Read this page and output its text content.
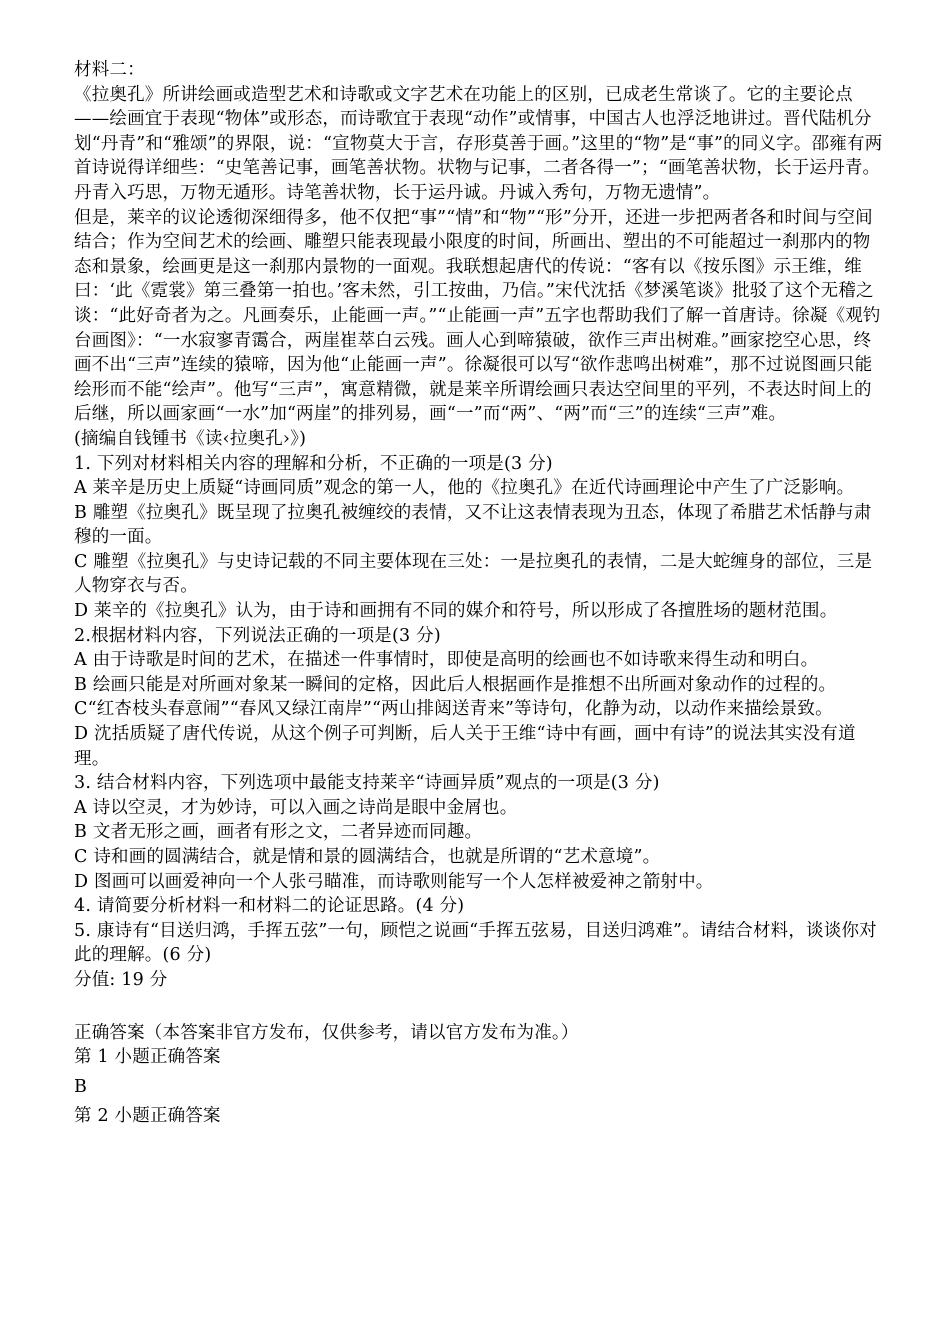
材料二：
《拉奥孔》所讲绘画或造型艺术和诗歌或文字艺术在功能上的区别，已成老生常谈了。它的主要论点——绘画宜于表现“物体”或形态，而诗歌宜于表现“动作”或情事，中国古人也浮泛地讲过。晋代陆机分划“丹青”和“雅颂”的界限，说：“宣物莫大于言，存形莫善于画。”这里的“物”是“事”的同义字。邵雍有两首诗说得详细些：“史笔善记事，画笔善状物。状物与记事，二者各得一”；“画笔善状物，长于运丹青。丹青入巧思，万物无遁形。诗笔善状物，长于运丹诚。丹诚入秀句，万物无遗情”。
但是，莱辛的议论透彻深细得多，他不仅把“事”“情”和“物”“形”分开，还进一步把两者各和时间与空间结合；作为空间艺术的绘画、雕塑只能表现最小限度的时间，所画出、塑出的不可能超过一刹那内的物态和景象，绘画更是这一刹那内景物的一面观。我联想起唐代的传说：“客有以《按乐图》示王维，维曰：‘此《霓裳》第三叠第一拍也。’客未然，引工按曲，乃信。”宋代沈括《梦溪笔谈》批驳了这个无稽之谈：“此好奇者为之。凡画奏乐，止能画一声。”“止能画一声”五字也帮助我们了解一首唐诗。徐凝《观钓台画图》：“一水寂寥青霭合，两崖崔萃白云残。画人心到啼猿破，欲作三声出树难。”画家挖空心思，终画不出“三声”连续的猿啼，因为他“止能画一声”。徐凝很可以写“欲作悲鸣出树难”，那不过说图画只能绘形而不能“绘声”。他写“三声”，寓意精微，就是莱辛所谓绘画只表达空间里的平列，不表达时间上的后继，所以画家画“一水”加“两崖”的排列易，画“一”而“两”、“两”而“三”的连续“三声”难。
(摘编自钱锺书《读‹拉奥孔›》)
1. 下列对材料相关内容的理解和分析，不正确的一项是(3 分)
A 莱辛是历史上质疑“诗画同质”观念的第一人，他的《拉奥孔》在近代诗画理论中产生了广泛影响。
B 雕塑《拉奥孔》既呈现了拉奥孔被缠绞的表情，又不让这表情表现为丑态，体现了希腊艺术恬静与肃穆的一面。
C 雕塑《拉奥孔》与史诗记载的不同主要体现在三处：一是拉奥孔的表情，二是大蛇缠身的部位，三是人物穿衣与否。
D 莱辛的《拉奥孔》认为，由于诗和画拥有不同的媒介和符号，所以形成了各擅胜场的题材范围。
2.根据材料内容，下列说法正确的一项是(3 分)
A 由于诗歌是时间的艺术，在描述一件事情时，即使是高明的绘画也不如诗歌来得生动和明白。
B 绘画只能是对所画对象某一瞬间的定格，因此后人根据画作是推想不出所画对象动作的过程的。
C“红杏枝头春意闹”“春风又绿江南岸”“两山排闼送青来”等诗句，化静为动，以动作来描绘景致。
D 沈括质疑了唐代传说，从这个例子可判断，后人关于王维“诗中有画，画中有诗”的说法其实没有道理。
3. 结合材料内容，下列选项中最能支持莱辛“诗画异质”观点的一项是(3 分)
A 诗以空灵，才为妙诗，可以入画之诗尚是眼中金屑也。
B 文者无形之画，画者有形之文，二者异迹而同趣。
C 诗和画的圆满结合，就是情和景的圆满结合，也就是所谓的“艺术意境”。
D 图画可以画爱神向一个人张弓瞄准，而诗歌则能写一个人怎样被爱神之箭射中。
4. 请简要分析材料一和材料二的论证思路。(4 分)
5. 康诗有“目送归鸿，手挥五弦”一句，顾恺之说画“手挥五弦易，目送归鸿难”。请结合材料，谈谈你对此的理解。(6 分)
分值: 19 分
正确答案（本答案非官方发布，仅供参考，请以官方发布为准。）
第 1 小题正确答案
B
第 2 小题正确答案
